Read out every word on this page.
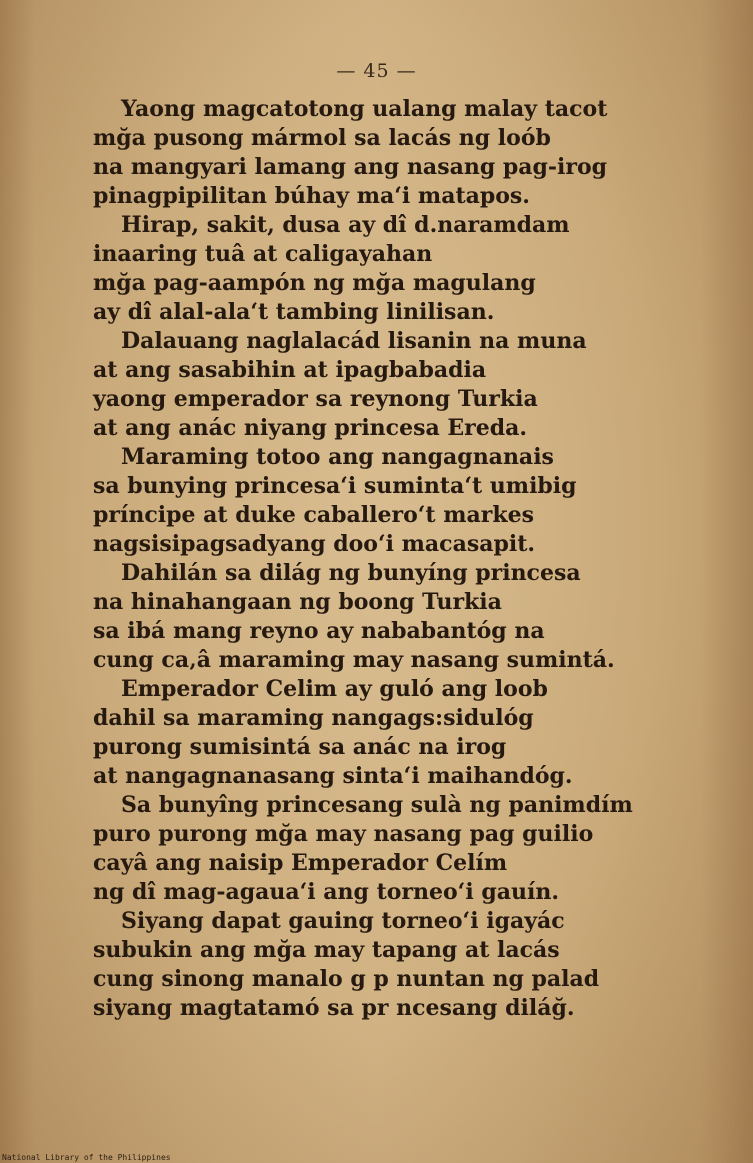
— 45 —
Yaong magcatotong ualang malay tacot
mğa pusong mármol sa lacás ng loób
na mangyari lamang ang nasang pag-irog
pinagpipilitan búhay ma‘i matapos.
Hirap, sakit, dusa ay dî d.naramdam
inaaring tuâ at caligayahan
mğa pag-aampón ng mğa magulang
ay dî alal-ala‘t tambing linilisan.
Dalauang naglalacád lisanin na muna
at ang sasabihin at ipagbabadia
yaong emperador sa reynong Turkia
at ang anác niyang princesa Ereda.
Maraming totoo ang nangagnanais
sa bunying princesa‘i suminta‘t umibig
príncipe at duke caballero‘t markes
nagsisipagsadyang doo‘i macasapit.
Dahilán sa dilág ng bunyíng princesa
na hinahangaan ng boong Turkia
sa ibá mang reyno ay nababantóg na
cung ca‚â maraming may nasang sumintá.
Emperador Celim ay guló ang loob
dahil sa maraming nangags:sidulóg
purong sumisintá sa anác na irog
at nangagnanasang sinta‘i maihandóg.
Sa bunyîng princesang sulà ng panimdím
puro purong mğa may nasang pag guilio
cayâ ang naisip Emperador Celím
ng dî mag-agaua‘i ang torneo‘i gauín.
Siyang dapat gauing torneo‘i igayác
subukin ang mğa may tapang at lacás
cung sinong manalo g p nuntan ng palad
siyang magtatamó sa pr ncesang diláğ.
National Library of the Philippines
